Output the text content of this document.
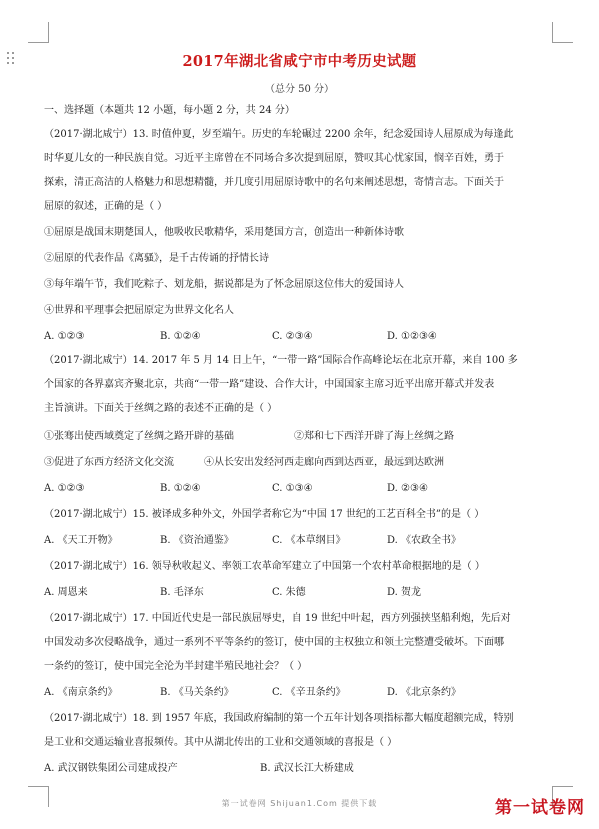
2017年湖北省咸宁市中考历史试题
（总分 50 分）
一、选择题（本题共 12 小题，每小题 2 分，共 24 分）
（2017·湖北咸宁）13. 时值仲夏，岁至端午。历史的车轮碾过 2200 余年，纪念爱国诗人屈原成为每逢此
时华夏儿女的一种民族自觉。习近平主席曾在不同场合多次提到屈原，赞叹其心忧家国，悯辛百姓，勇于
探索，清正高洁的人格魅力和思想精髓，并几度引用屈原诗歌中的名句来阐述思想，寄情言志。下面关于
屈原的叙述，正确的是（ ）
①屈原是战国末期楚国人，他吸收民歌精华，采用楚国方言，创造出一种新体诗歌
②屈原的代表作品《离骚》，是千古传诵的抒情长诗
③每年端午节，我们吃粽子、划龙船，据说都是为了怀念屈原这位伟大的爱国诗人
④世界和平理事会把屈原定为世界文化名人
A. ①②③	B. ①②④	C. ②③④	D. ①②③④
（2017·湖北咸宁）14. 2017 年 5 月 14 日上午，“一带一路”国际合作高峰论坛在北京开幕，来自 100 多
个国家的各界嘉宾齐聚北京，共商“一带一路”建设、合作大计，中国国家主席习近平出席开幕式并发表
主旨演讲。下面关于丝绸之路的表述不正确的是（ ）
①张骞出使西域奠定了丝绸之路开辟的基础	②郑和七下西洋开辟了海上丝绸之路
③促进了东西方经济文化交流	④从长安出发经河西走廊向西到达西亚，最远到达欧洲
A. ①②③	B. ①②④	C. ①③④	D. ②③④
（2017·湖北咸宁）15. 被译成多种外文，外国学者称它为“中国 17 世纪的工艺百科全书”的是（ ）
A. 《天工开物》	B. 《资治通鉴》	C. 《本草纲目》	D. 《农政全书》
（2017·湖北咸宁）16. 领导秋收起义、率领工农革命军建立了中国第一个农村革命根据地的是（ ）
A. 周恩来	B. 毛泽东	C. 朱德	D. 贺龙
（2017·湖北咸宁）17. 中国近代史是一部民族屈辱史，自 19 世纪中叶起，西方列强挟坚船利炮，先后对
中国发动多次侵略战争，通过一系列不平等条约的签订，使中国的主权独立和领土完整遭受破坏。下面哪
一条约的签订，使中国完全沦为半封建半殖民地社会？（ ）
A. 《南京条约》	B. 《马关条约》	C. 《辛丑条约》	D. 《北京条约》
（2017·湖北咸宁）18. 到 1957 年底，我国政府编制的第一个五年计划各项指标都大幅度超额完成，特别
是工业和交通运输业喜报频传。其中从湖北传出的工业和交通领域的喜报是（ ）
A. 武汉钢铁集团公司建成投产	B. 武汉长江大桥建成
第一试卷网 Shijuan1.Com 提供下载	第一试卷网
